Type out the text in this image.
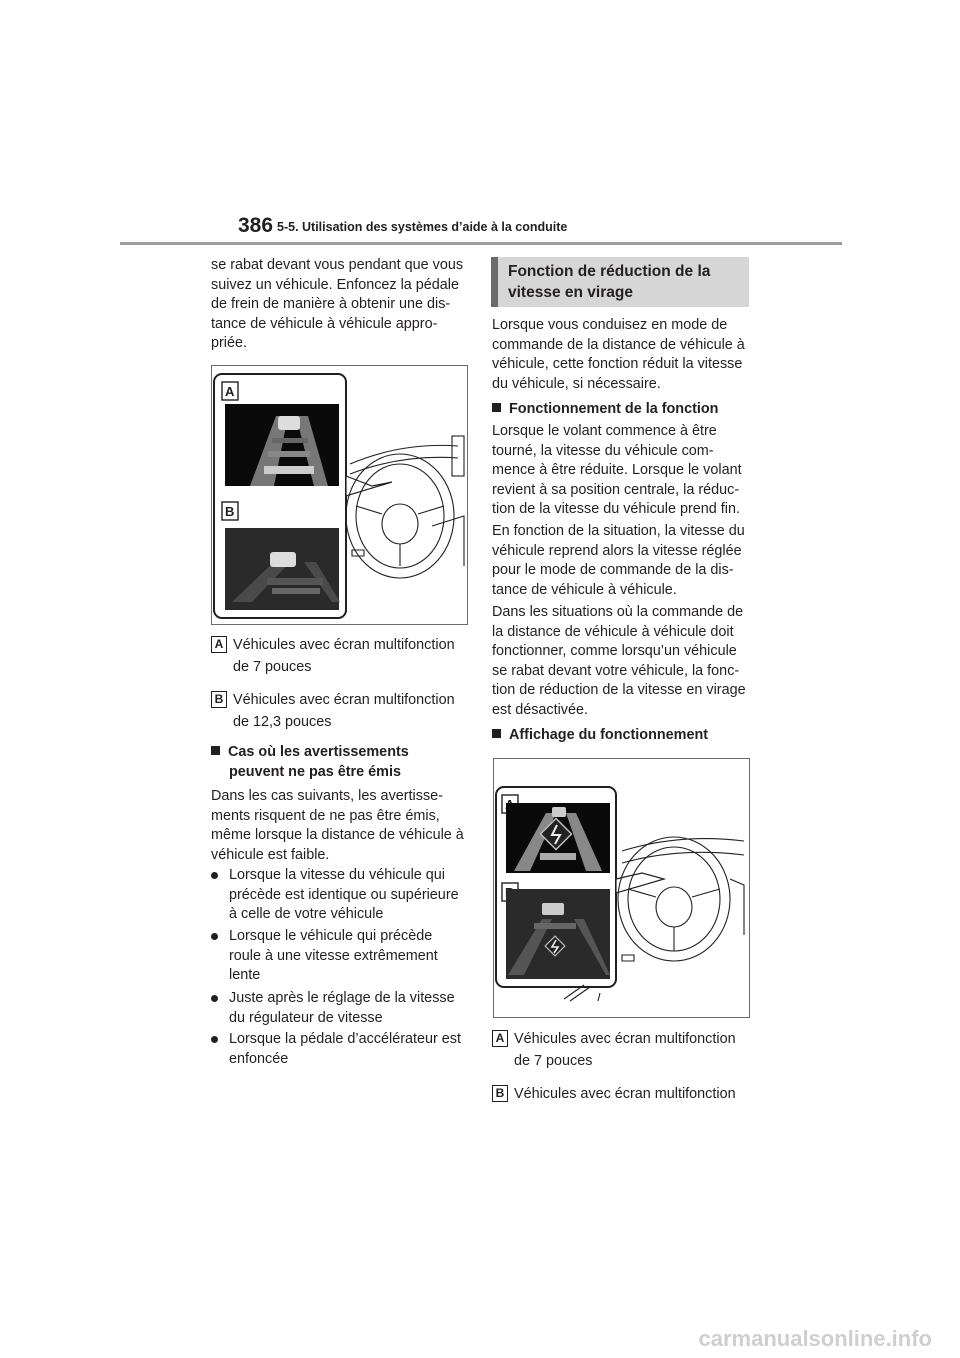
386 5-5. Utilisation des systèmes d’aide à la conduite
se rabat devant vous pendant que vous
suivez un véhicule. Enfoncez la pédale
de frein de manière à obtenir une dis-
tance de véhicule à véhicule appro-
priée.
A
B
A Véhicules avec écran multifonction
de 7 pouces
B Véhicules avec écran multifonction
de 12,3 pouces
Cas où les avertissements
peuvent ne pas être émis
Dans les cas suivants, les avertisse-
ments risquent de ne pas être émis,
même lorsque la distance de véhicule à
véhicule est faible.
Lorsque la vitesse du véhicule qui
précède est identique ou supérieure
à celle de votre véhicule
Lorsque le véhicule qui précède
roule à une vitesse extrêmement
lente
Juste après le réglage de la vitesse
du régulateur de vitesse
Lorsque la pédale d’accélérateur est
enfoncée
Fonction de réduction de la
vitesse en virage
Lorsque vous conduisez en mode de
commande de la distance de véhicule à
véhicule, cette fonction réduit la vitesse
du véhicule, si nécessaire.
Fonctionnement de la fonction
Lorsque le volant commence à être
tourné, la vitesse du véhicule com-
mence à être réduite. Lorsque le volant
revient à sa position centrale, la réduc-
tion de la vitesse du véhicule prend fin.
En fonction de la situation, la vitesse du
véhicule reprend alors la vitesse réglée
pour le mode de commande de la dis-
tance de véhicule à véhicule.
Dans les situations où la commande de
la distance de véhicule à véhicule doit
fonctionner, comme lorsqu’un véhicule
se rabat devant votre véhicule, la fonc-
tion de réduction de la vitesse en virage
est désactivée.
Affichage du fonctionnement
A Véhicules avec écran multifonction
de 7 pouces
B Véhicules avec écran multifonction
carmanualsonline.info
